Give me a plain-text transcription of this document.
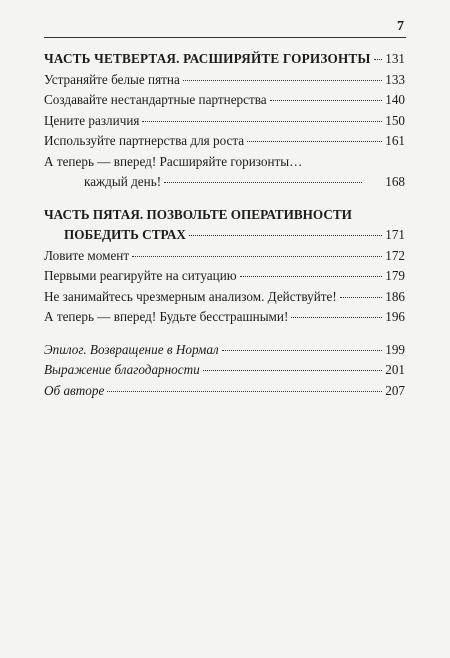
7
ЧАСТЬ ЧЕТВЕРТАЯ. РАСШИРЯЙТЕ ГОРИЗОНТЫ 131
Устраняйте белые пятна	133
Создавайте нестандартные партнерства	140
Цените различия	150
Используйте партнерства для роста	161
А теперь — вперед! Расширяйте горизонты…
каждый день!	168
ЧАСТЬ ПЯТАЯ. ПОЗВОЛЬТЕ ОПЕРАТИВНОСТИ
ПОБЕДИТЬ СТРАХ	171
Ловите момент	172
Первыми реагируйте на ситуацию	179
Не занимайтесь чрезмерным анализом. Действуйте!	186
А теперь — вперед! Будьте бесстрашными!	196
Эпилог. Возвращение в Нормал	199
Выражение благодарности	201
Об авторе	207
